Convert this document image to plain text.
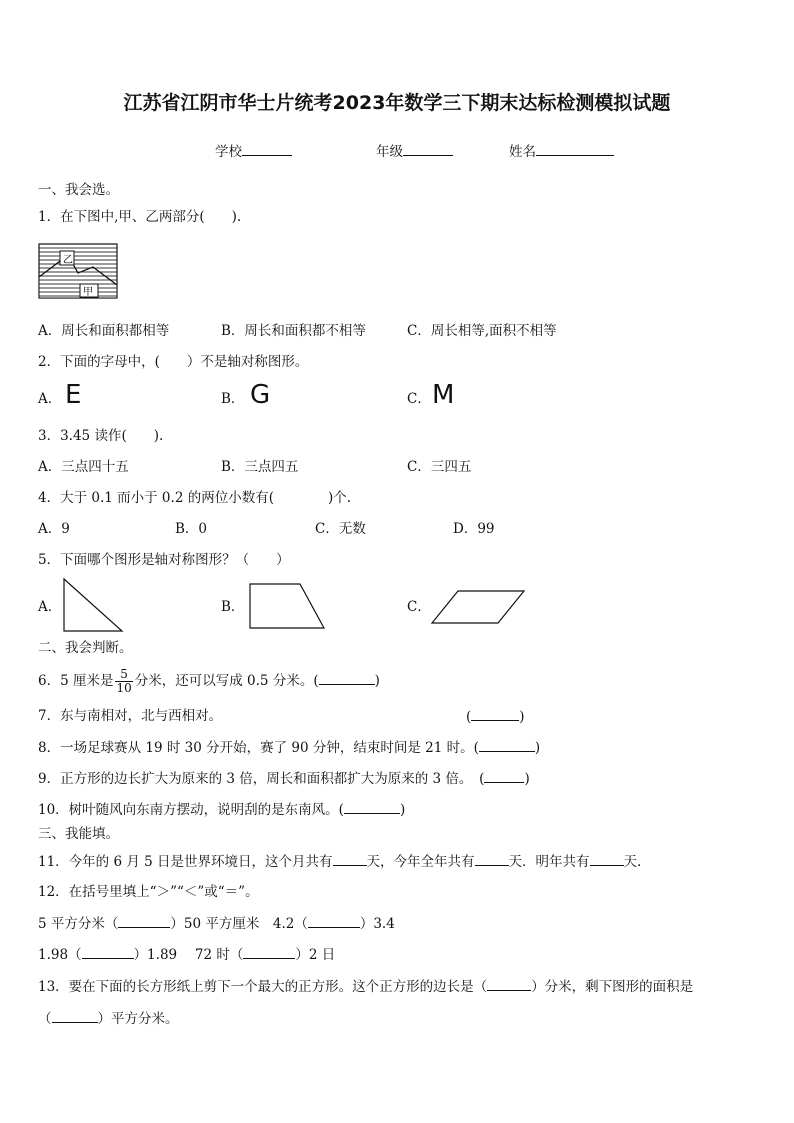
江苏省江阴市华士片统考2023年数学三下期末达标检测模拟试题
学校	年级	姓名
一、我会选。
1．在下图中,甲、乙两部分(　　).
乙
甲
A．周长和面积都相等	B．周长和面积都不相等	C．周长相等,面积不相等
2．下面的字母中，(　　）不是轴对称图形。
A． E	B． G	C． M
3．3.45 读作(　　).
A．三点四十五	B．三点四五	C．三四五
4．大于 0.1 而小于 0.2 的两位小数有(　　　　)个.
A．9	B．0	C．无数	D．99
5．下面哪个图形是轴对称图形？（　　）
A．	B．	C．
二、我会判断。
6．5 厘米是 $\frac{5}{10}$ 分米，还可以写成 0.5 分米。(	)
7．东与南相对，北与西相对。	(	)
8．一场足球赛从 19 时 30 分开始，赛了 90 分钟，结束时间是 21 时。(	)
9．正方形的边长扩大为原来的 3 倍，周长和面积都扩大为原来的 3 倍。　(	)
10．树叶随风向东南方摆动，说明刮的是东南风。(	)
三、我能填。
11．今年的 6 月 5 日是世界环境日，这个月共有	天，今年全年共有	天．明年共有	天.
12．在括号里填上“＞”“＜”或“＝”。
5 平方分米（	）50 平方厘米　4.2（	）3.4
1.98（	）1.89　 72 时（	）2 日
13．要在下面的长方形纸上剪下一个最大的正方形。这个正方形的边长是（	）分米，剩下图形的面积是
（	）平方分米。
